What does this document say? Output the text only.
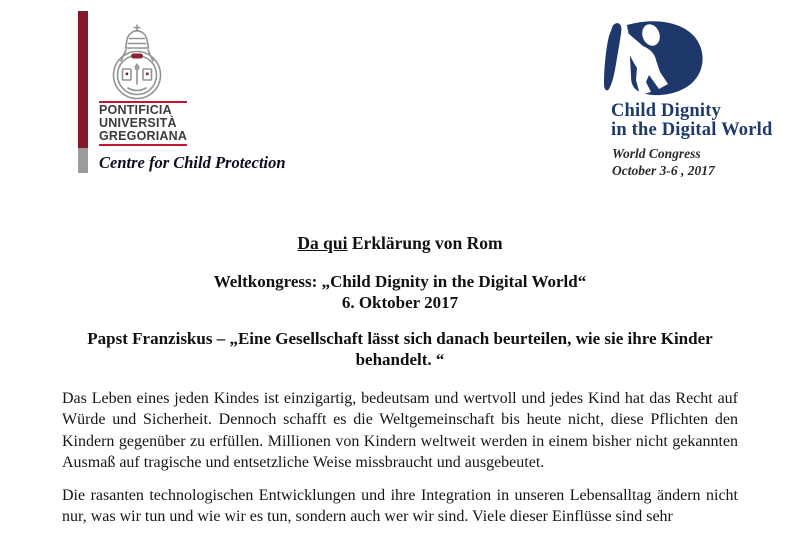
PONTIFICIA
UNIVERSITÀ
GREGORIANA
Centre for Child Protection
Child Dignity
in the Digital World
World Congress
October 3-6 , 2017
Da qui Erklärung von Rom
Weltkongress: „Child Dignity in the Digital World“
6. Oktober 2017
Papst Franziskus – „Eine Gesellschaft lässt sich danach beurteilen, wie sie ihre Kinder
behandelt. “

Das Leben eines jeden Kindes ist einzigartig, bedeutsam und wertvoll und jedes Kind hat das Recht auf Würde und Sicherheit. Dennoch schafft es die Weltgemeinschaft bis heute nicht, diese Pflichten den Kindern gegenüber zu erfüllen. Millionen von Kindern weltweit werden in einem bisher nicht gekannten Ausmaß auf tragische und entsetzliche Weise missbraucht und ausgebeutet.

Die rasanten technologischen Entwicklungen und ihre Integration in unseren Lebensalltag ändern nicht nur, was wir tun und wie wir es tun, sondern auch wer wir sind. Viele dieser Einflüsse sind sehr
